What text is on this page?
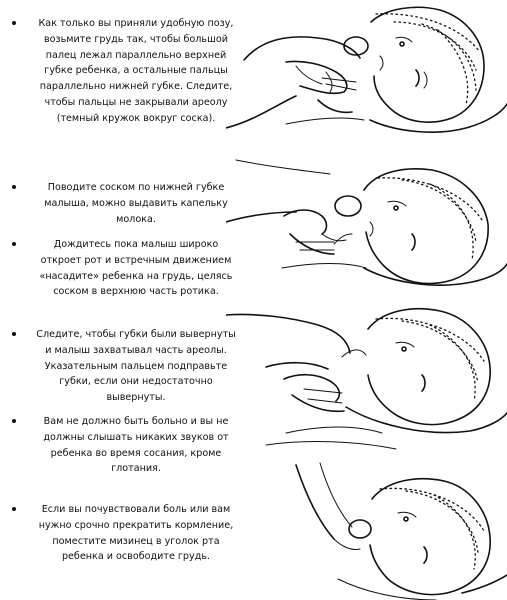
Как только вы приняли удобную позу, возьмите грудь так, чтобы большой палец лежал параллельно верхней губке ребенка, а остальные пальцы параллельно нижней губке. Следите, чтобы пальцы не закрывали ареолу (темный кружок вокруг соска).
Поводите соском по нижней губке малыша, можно выдавить капельку молока.
Дождитесь пока малыш широко откроет рот и встречным движением «насадите» ребенка на грудь, целясь соском в верхнюю часть ротика.
Следите, чтобы губки были вывернуты и малыш захватывал часть ареолы. Указательным пальцем подправьте губки, если они недостаточно вывернуты.
Вам не должно быть больно и вы не должны слышать никаких звуков от ребенка во время сосания, кроме глотания.
Если вы почувствовали боль или вам нужно срочно прекратить кормление, поместите мизинец в уголок рта ребенка и освободите грудь.
